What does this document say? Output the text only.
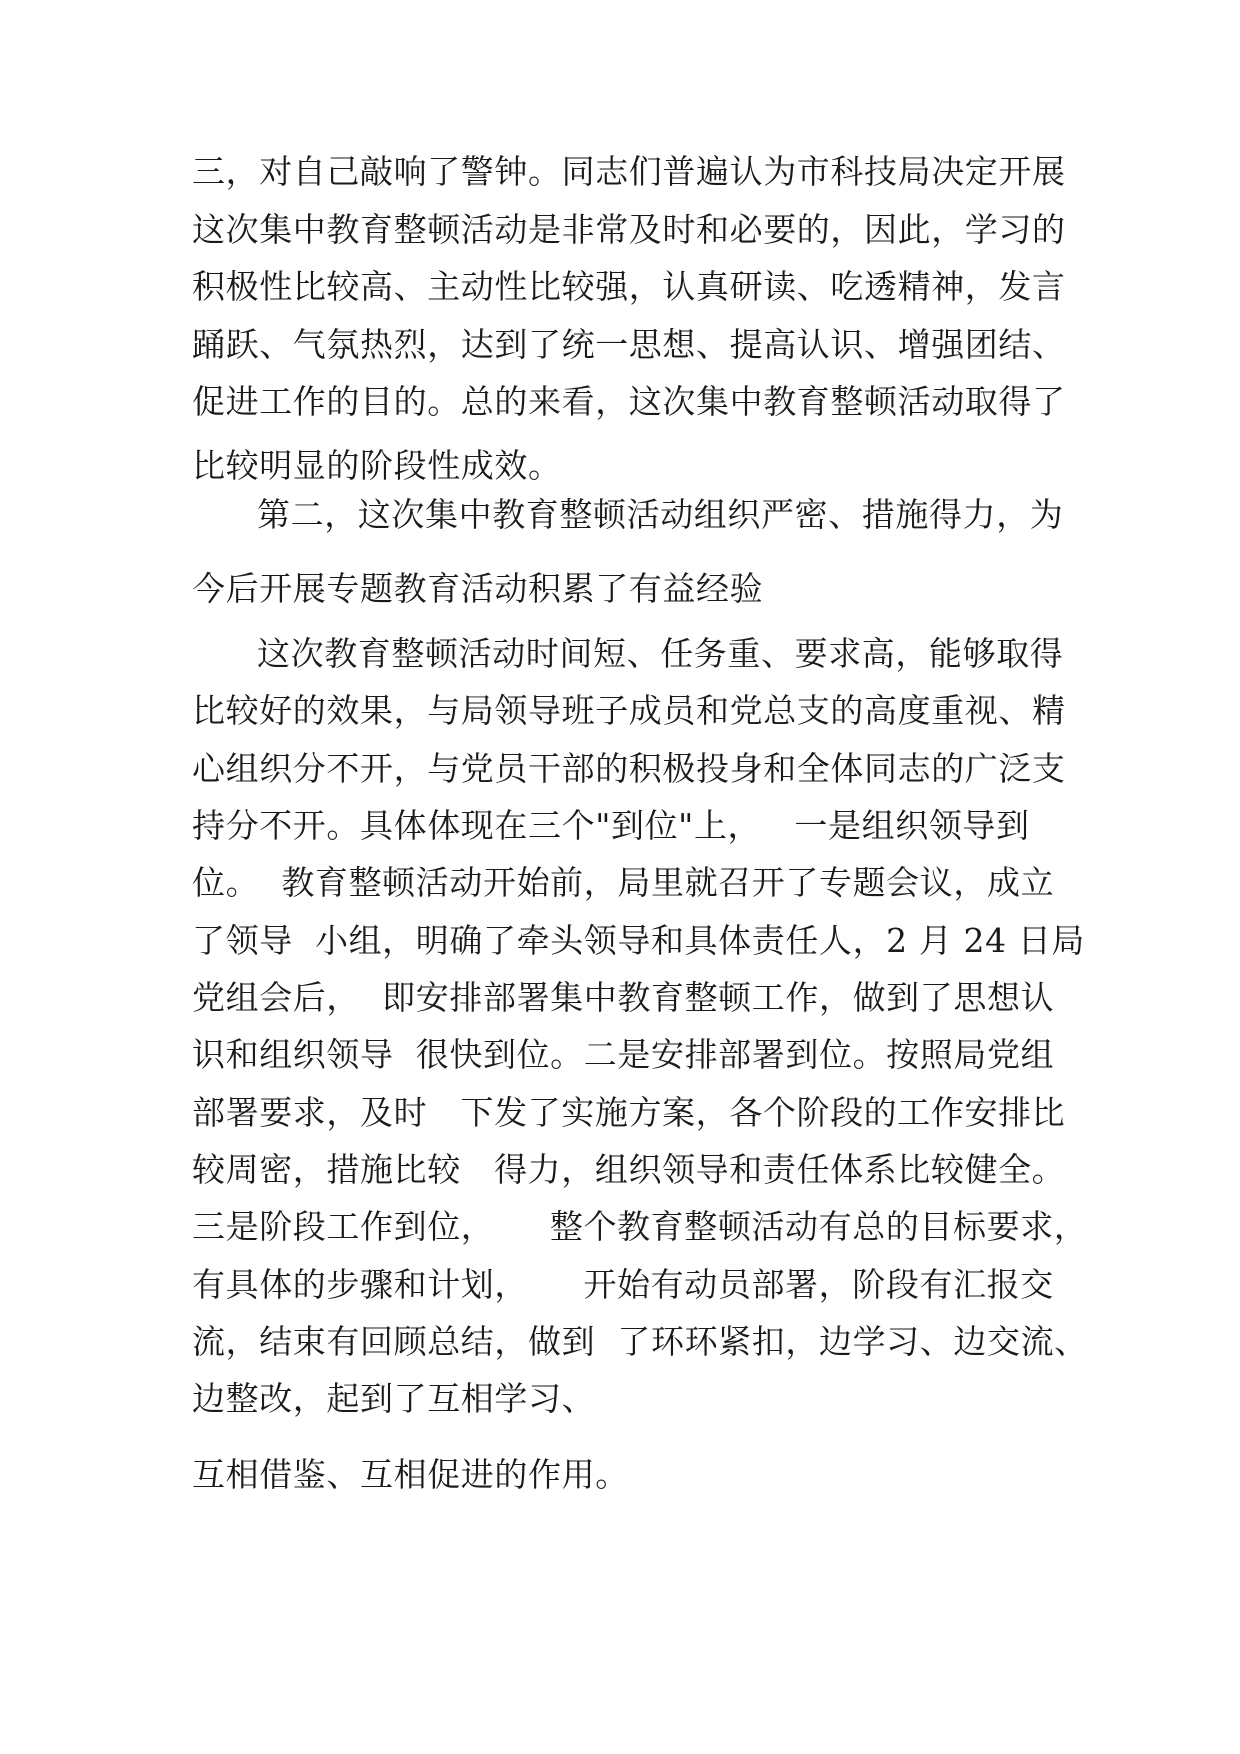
三，对自己敲响了警钟。同志们普遍认为市科技局决定开展
这次集中教育整顿活动是非常及时和必要的，因此，学习的
积极性比较高、主动性比较强，认真研读、吃透精神，发言
踊跃、气氛热烈，达到了统一思想、提高认识、增强团结、
促进工作的目的。总的来看，这次集中教育整顿活动取得了
比较明显的阶段性成效。
第二，这次集中教育整顿活动组织严密、措施得力，为
今后开展专题教育活动积累了有益经验
这次教育整顿活动时间短、任务重、要求高，能够取得
比较好的效果，与局领导班子成员和党总支的高度重视、精
心组织分不开，与党员干部的积极投身和全体同志的广泛支
持分不开。具体体现在三个"到位"上，   一是组织领导到
位。  教育整顿活动开始前，局里就召开了专题会议，成立
了领导  小组，明确了牵头领导和具体责任人，2 月 24 日局
党组会后，  即安排部署集中教育整顿工作，做到了思想认
识和组织领导  很快到位。二是安排部署到位。按照局党组
部署要求，及时   下发了实施方案，各个阶段的工作安排比
较周密，措施比较   得力，组织领导和责任体系比较健全。
三是阶段工作到位，     整个教育整顿活动有总的目标要求，
有具体的步骤和计划，     开始有动员部署，阶段有汇报交
流，结束有回顾总结，做到  了环环紧扣，边学习、边交流、
边整改，起到了互相学习、
互相借鉴、互相促进的作用。
